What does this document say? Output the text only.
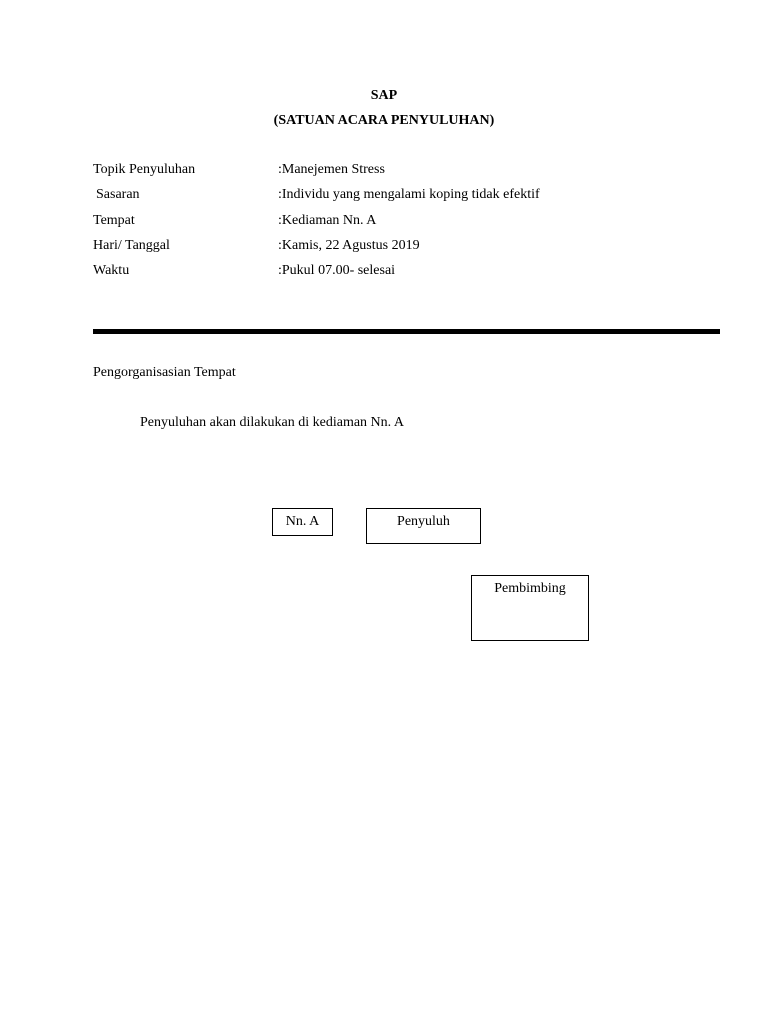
SAP
(SATUAN ACARA PENYULUHAN)
Topik Penyuluhan	:Manejemen Stress
Sasaran	:Individu yang mengalami koping tidak efektif
Tempat	:Kediaman Nn. A
Hari/ Tanggal	:Kamis, 22 Agustus 2019
Waktu	:Pukul 07.00- selesai
Pengorganisasian Tempat
Penyuluhan akan dilakukan di kediaman Nn. A
Nn. A	Penyuluh
Pembimbing
